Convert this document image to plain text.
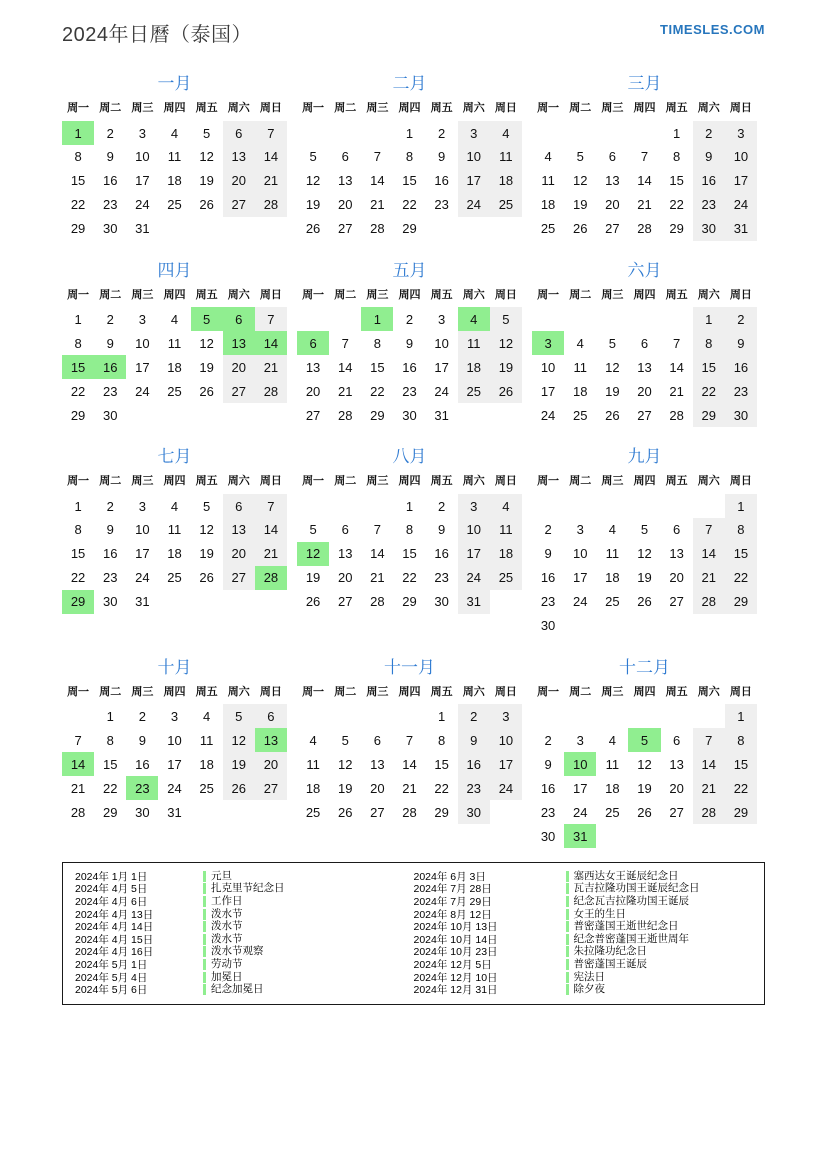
2024年日曆（泰国）	TIMESLES.COM
一月
周一	周二	周三	周四	周五	周六	周日
1	2	3	4	5	6	7
8	9	10	11	12	13	14
15	16	17	18	19	20	21
22	23	24	25	26	27	28
29	30	31				
二月
周一	周二	周三	周四	周五	周六	周日
			1	2	3	4
5	6	7	8	9	10	11
12	13	14	15	16	17	18
19	20	21	22	23	24	25
26	27	28	29			
三月
周一	周二	周三	周四	周五	周六	周日
				1	2	3
4	5	6	7	8	9	10
11	12	13	14	15	16	17
18	19	20	21	22	23	24
25	26	27	28	29	30	31
四月
周一	周二	周三	周四	周五	周六	周日
1	2	3	4	5	6	7
8	9	10	11	12	13	14
15	16	17	18	19	20	21
22	23	24	25	26	27	28
29	30					
五月
周一	周二	周三	周四	周五	周六	周日
		1	2	3	4	5
6	7	8	9	10	11	12
13	14	15	16	17	18	19
20	21	22	23	24	25	26
27	28	29	30	31		
六月
周一	周二	周三	周四	周五	周六	周日
					1	2
3	4	5	6	7	8	9
10	11	12	13	14	15	16
17	18	19	20	21	22	23
24	25	26	27	28	29	30
七月
周一	周二	周三	周四	周五	周六	周日
1	2	3	4	5	6	7
8	9	10	11	12	13	14
15	16	17	18	19	20	21
22	23	24	25	26	27	28
29	30	31				
八月
周一	周二	周三	周四	周五	周六	周日
			1	2	3	4
5	6	7	8	9	10	11
12	13	14	15	16	17	18
19	20	21	22	23	24	25
26	27	28	29	30	31	
九月
周一	周二	周三	周四	周五	周六	周日
						1
2	3	4	5	6	7	8
9	10	11	12	13	14	15
16	17	18	19	20	21	22
23	24	25	26	27	28	29
30						
十月
周一	周二	周三	周四	周五	周六	周日
	1	2	3	4	5	6
7	8	9	10	11	12	13
14	15	16	17	18	19	20
21	22	23	24	25	26	27
28	29	30	31			
十一月
周一	周二	周三	周四	周五	周六	周日
				1	2	3
4	5	6	7	8	9	10
11	12	13	14	15	16	17
18	19	20	21	22	23	24
25	26	27	28	29	30	
十二月
周一	周二	周三	周四	周五	周六	周日
						1
2	3	4	5	6	7	8
9	10	11	12	13	14	15
16	17	18	19	20	21	22
23	24	25	26	27	28	29
30	31					
2024年 1月 1日	元旦
2024年 4月 5日	扎克里节纪念日
2024年 4月 6日	工作日
2024年 4月 13日	泼水节
2024年 4月 14日	泼水节
2024年 4月 15日	泼水节
2024年 4月 16日	泼水节观察
2024年 5月 1日	劳动节
2024年 5月 4日	加冕日
2024年 5月 6日	纪念加冕日
2024年 6月 3日	塞西达女王诞辰纪念日
2024年 7月 28日	瓦吉拉隆功国王诞辰纪念日
2024年 7月 29日	纪念瓦吉拉隆功国王诞辰
2024年 8月 12日	女王的生日
2024年 10月 13日	普密蓬国王逝世纪念日
2024年 10月 14日	纪念普密蓬国王逝世周年
2024年 10月 23日	朱拉隆功纪念日
2024年 12月 5日	普密蓬国王诞辰
2024年 12月 10日	宪法日
2024年 12月 31日	除夕夜
